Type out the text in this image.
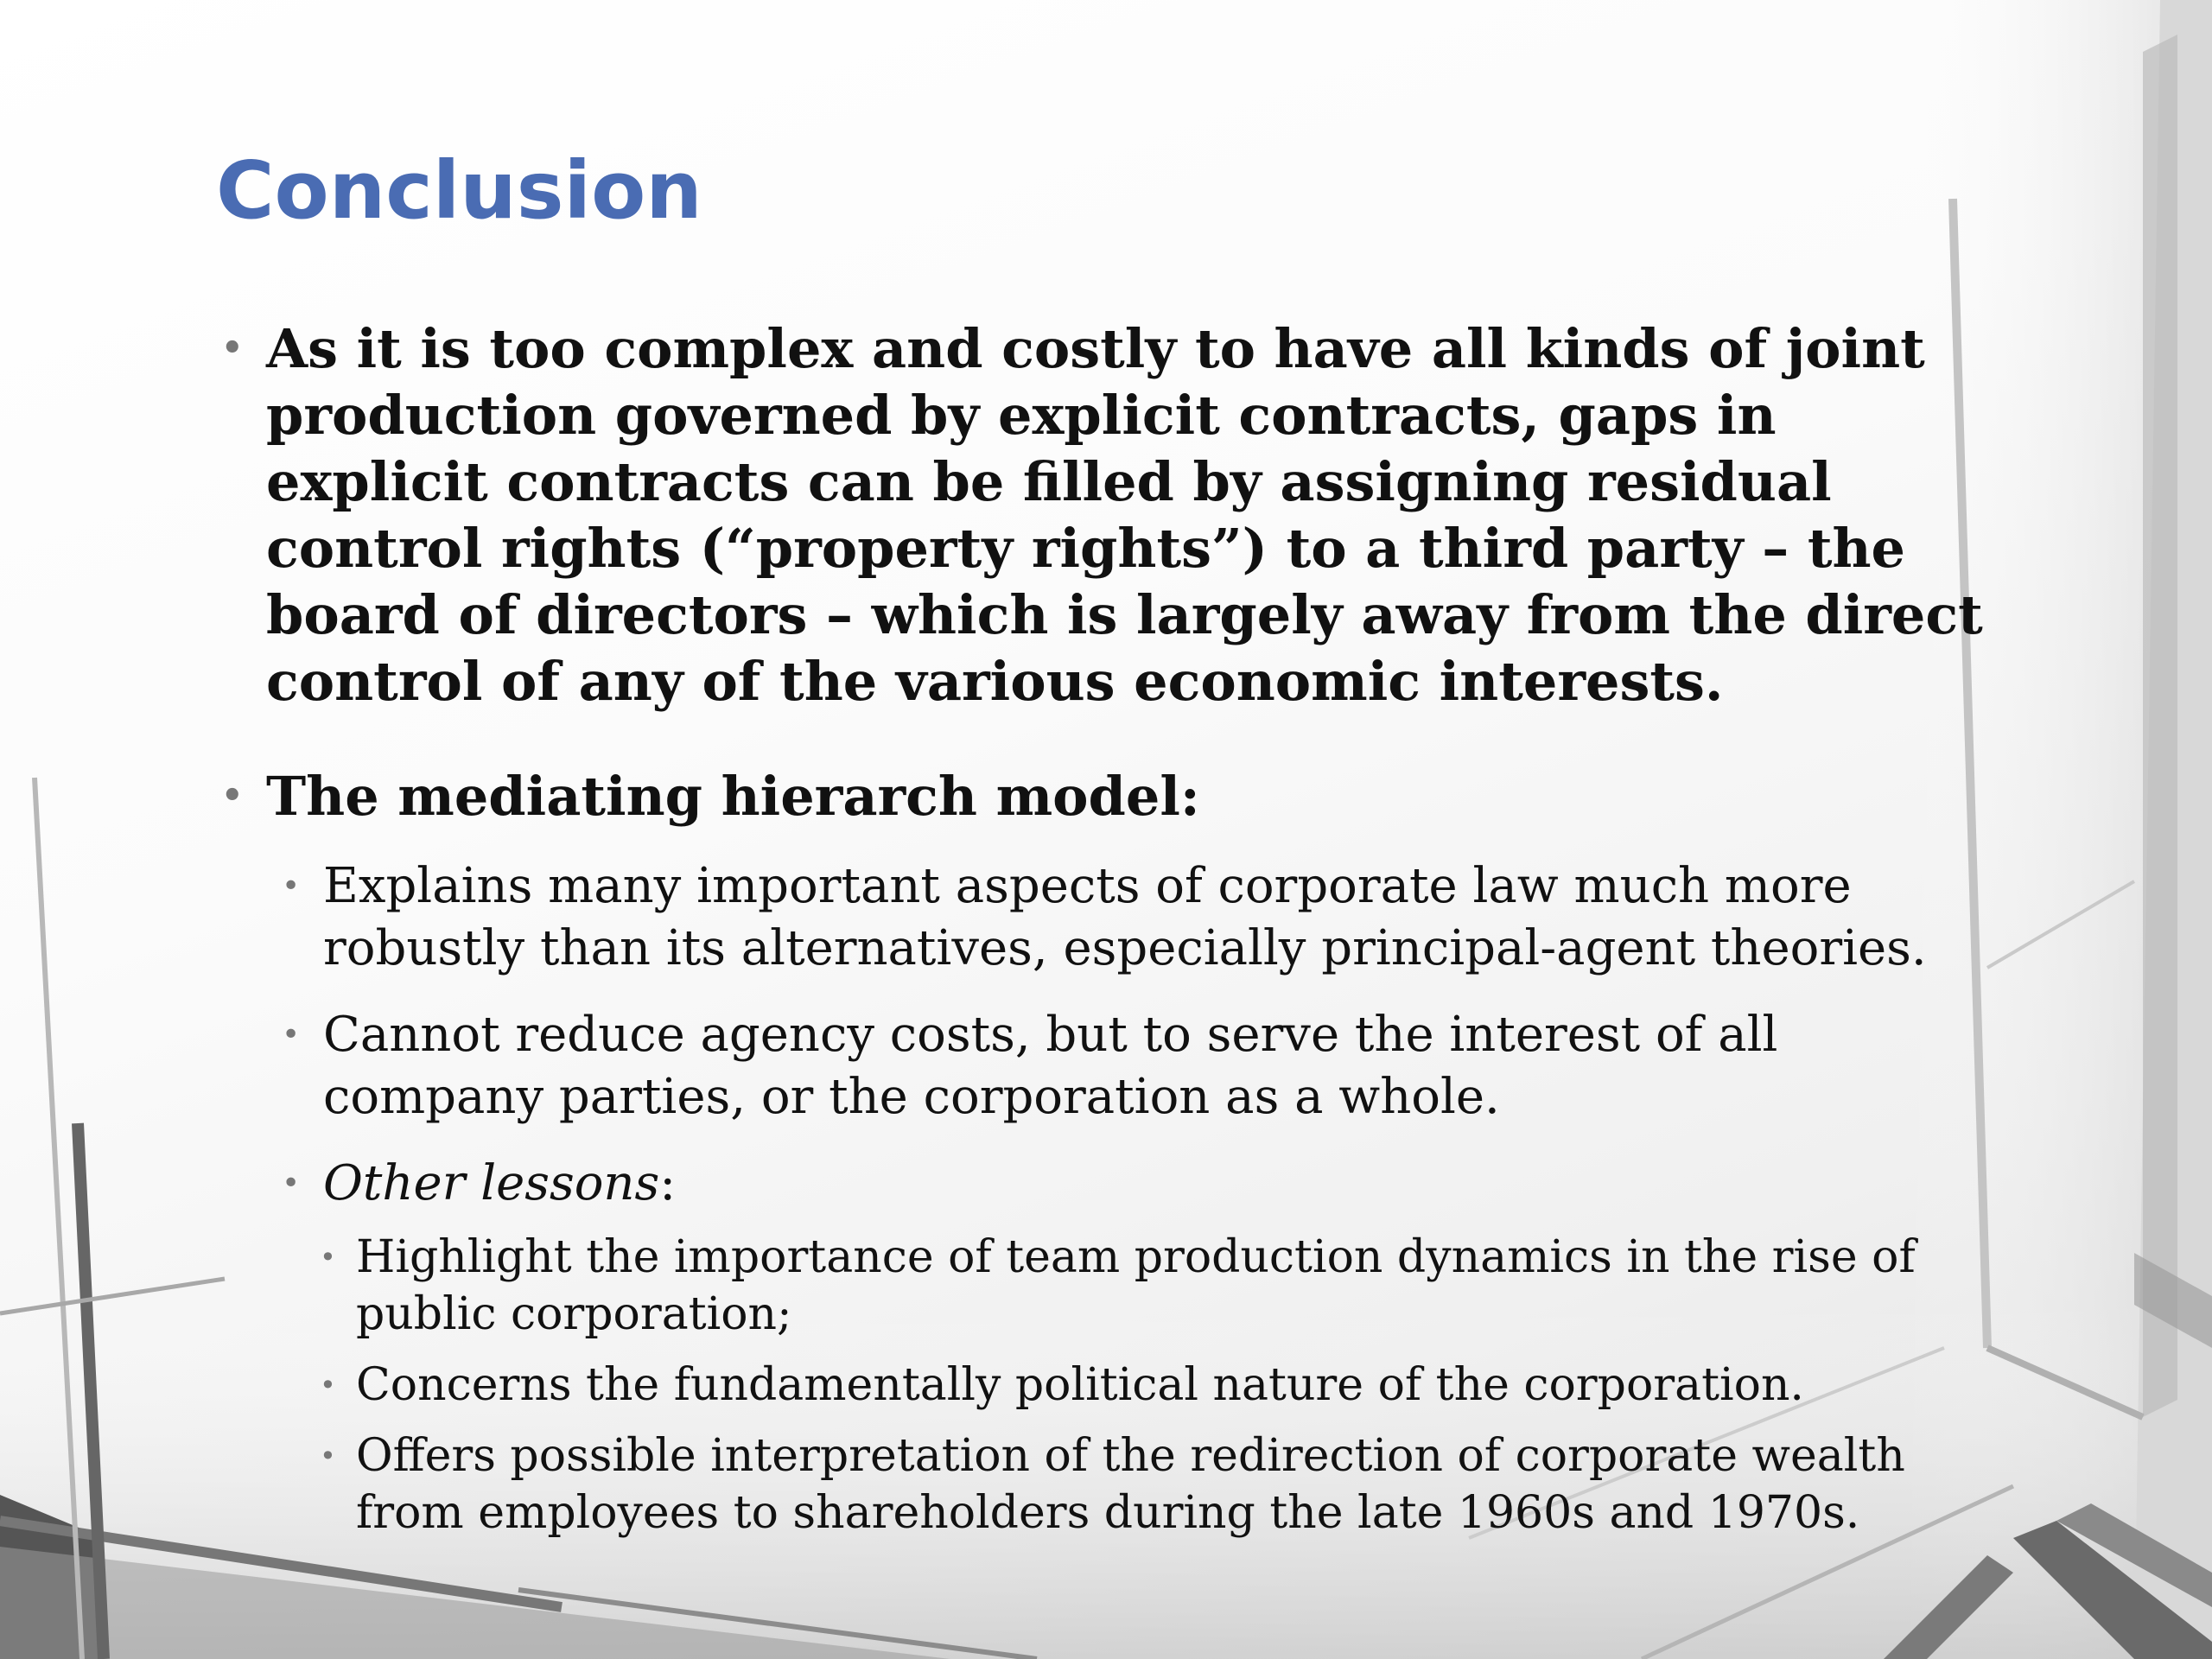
Conclusion

• As it is too complex and costly to have all kinds of joint production governed by explicit contracts, gaps in explicit contracts can be filled by assigning residual control rights (“property rights”) to a third party – the board of directors – which is largely away from the direct control of any of the various economic interests.

• The mediating hierarch model:

• Explains many important aspects of corporate law much more robustly than its alternatives, especially principal-agent theories.

• Cannot reduce agency costs, but to serve the interest of all company parties, or the corporation as a whole.

• Other lessons:

• Highlight the importance of team production dynamics in the rise of public corporation;

• Concerns the fundamentally political nature of the corporation.

• Offers possible interpretation of the redirection of corporate wealth from employees to shareholders during the late 1960s and 1970s.
